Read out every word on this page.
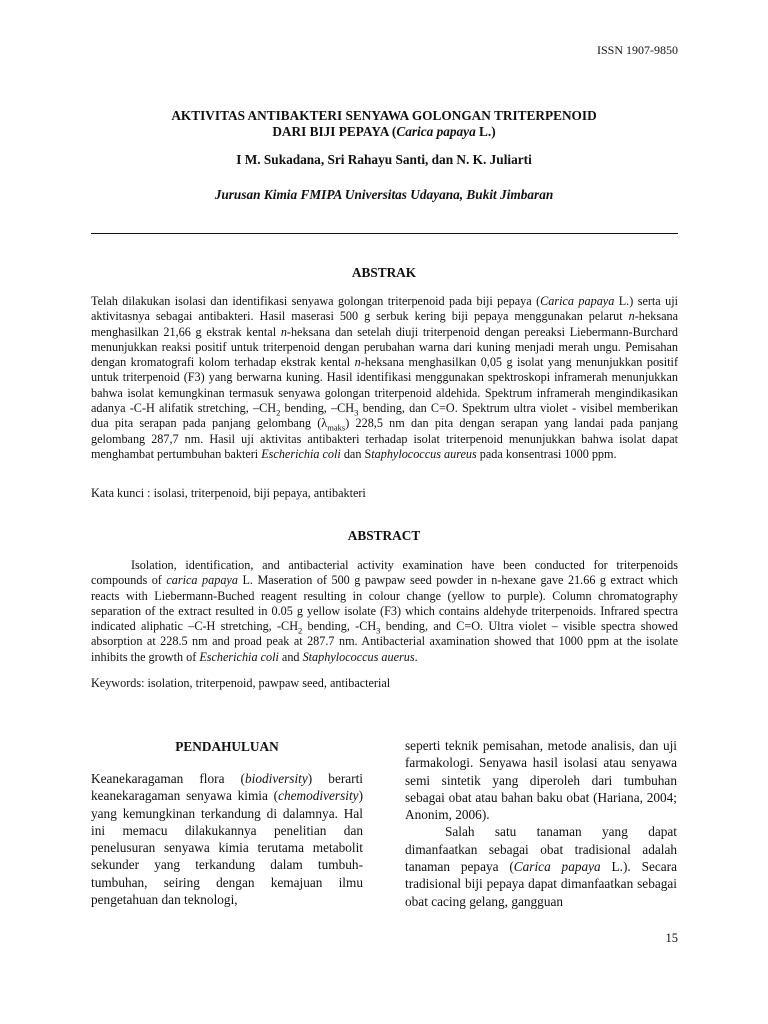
ISSN 1907-9850
AKTIVITAS ANTIBAKTERI SENYAWA GOLONGAN TRITERPENOID
DARI BIJI PEPAYA (Carica papaya L.)
I M. Sukadana, Sri Rahayu Santi, dan N. K. Juliarti
Jurusan Kimia FMIPA Universitas Udayana, Bukit Jimbaran
ABSTRAK
Telah dilakukan isolasi dan identifikasi senyawa golongan triterpenoid pada biji pepaya (Carica papaya L.) serta uji aktivitasnya sebagai antibakteri. Hasil maserasi 500 g serbuk kering biji pepaya menggunakan pelarut n-heksana menghasilkan 21,66 g ekstrak kental n-heksana dan setelah diuji triterpenoid dengan pereaksi Liebermann-Burchard menunjukkan reaksi positif untuk triterpenoid dengan perubahan warna dari kuning menjadi merah ungu. Pemisahan dengan kromatografi kolom terhadap ekstrak kental n-heksana menghasilkan 0,05 g isolat yang menunjukkan positif untuk triterpenoid (F3) yang berwarna kuning. Hasil identifikasi menggunakan spektroskopi inframerah menunjukkan bahwa isolat kemungkinan termasuk senyawa golongan triterpenoid aldehida. Spektrum inframerah mengindikasikan adanya -C-H alifatik stretching, $-CH_2$ bending, $-CH_3$ bending, dan C=O. Spektrum ultra violet - visibel memberikan dua pita serapan pada panjang gelombang $(\lambda_{maks})$ 228,5 nm dan pita dengan serapan yang landai pada panjang gelombang 287,7 nm. Hasil uji aktivitas antibakteri terhadap isolat triterpenoid menunjukkan bahwa isolat dapat menghambat pertumbuhan bakteri Escherichia coli dan Staphylococcus aureus pada konsentrasi 1000 ppm.
Kata kunci : isolasi, triterpenoid, biji pepaya, antibakteri
ABSTRACT
Isolation, identification, and antibacterial activity examination have been conducted for triterpenoids compounds of carica papaya L. Maseration of 500 g pawpaw seed powder in n-hexane gave 21.66 g extract which reacts with Liebermann-Buched reagent resulting in colour change (yellow to purple). Column chromatography separation of the extract resulted in 0.05 g yellow isolate (F3) which contains aldehyde triterpenoids. Infrared spectra indicated aliphatic –C-H stretching, $-CH_2$ bending, $-CH_3$ bending, and C=O. Ultra violet – visible spectra showed absorption at 228.5 nm and proad peak at 287.7 nm. Antibacterial axamination showed that 1000 ppm at the isolate inhibits the growth of Escherichia coli and Staphylococcus auerus.
Keywords: isolation, triterpenoid, pawpaw seed, antibacterial
PENDAHULUAN
Keanekaragaman flora (biodiversity) berarti keanekaragaman senyawa kimia (chemodiversity) yang kemungkinan terkandung di dalamnya. Hal ini memacu dilakukannya penelitian dan penelusuran senyawa kimia terutama metabolit sekunder yang terkandung dalam tumbuh-tumbuhan, seiring dengan kemajuan ilmu pengetahuan dan teknologi,
seperti teknik pemisahan, metode analisis, dan uji farmakologi. Senyawa hasil isolasi atau senyawa semi sintetik yang diperoleh dari tumbuhan sebagai obat atau bahan baku obat (Hariana, 2004; Anonim, 2006).
Salah satu tanaman yang dapat dimanfaatkan sebagai obat tradisional adalah tanaman pepaya (Carica papaya L.). Secara tradisional biji pepaya dapat dimanfaatkan sebagai obat cacing gelang, gangguan
15
